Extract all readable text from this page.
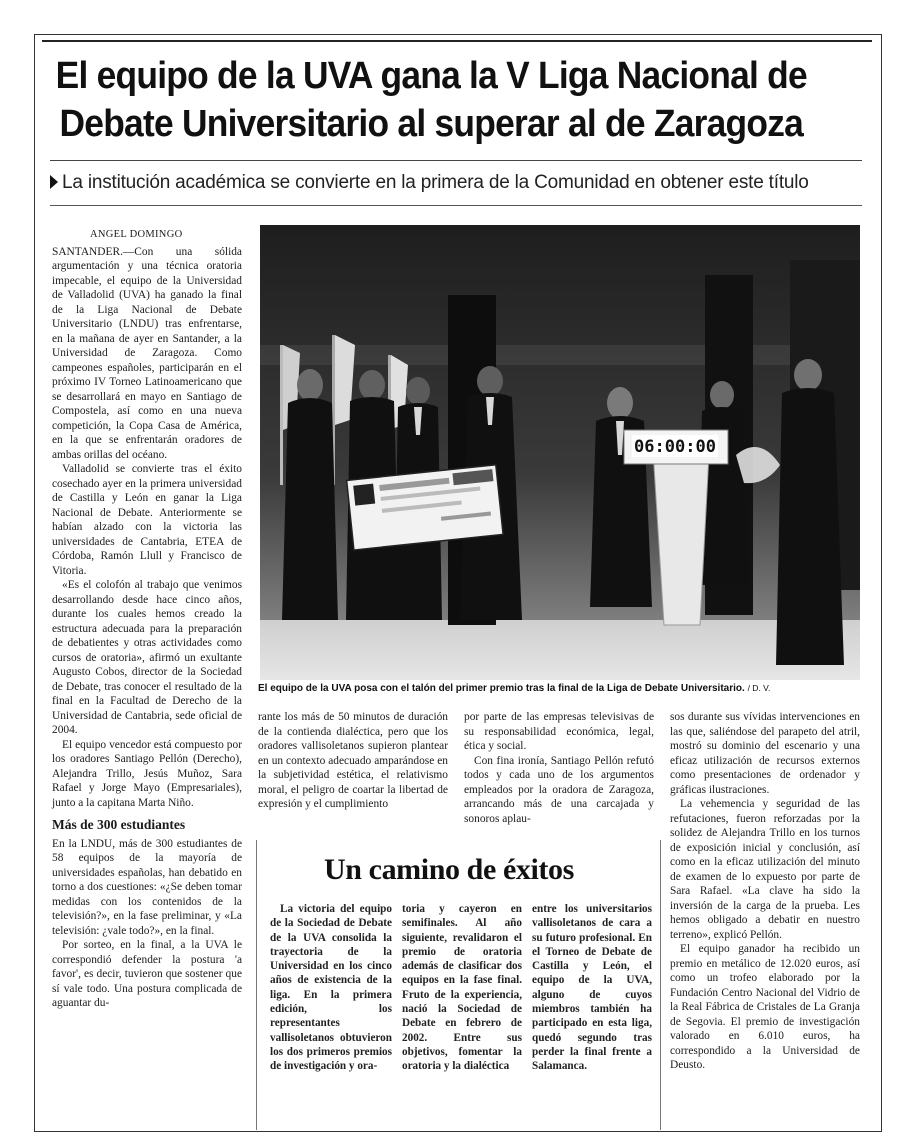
El equipo de la UVA gana la V Liga Nacional de
Debate Universitario al superar al de Zaragoza
La institución académica se convierte en la primera de la Comunidad en obtener este título

ANGEL DOMINGO

SANTANDER.—Con una sólida argumentación y una técnica oratoria impecable, el equipo de la Universidad de Valladolid (UVA) ha ganado la final de la Liga Nacional de Debate Universitario (LNDU) tras enfrentarse, en la mañana de ayer en Santander, a la Universidad de Zaragoza. Como campeones españoles, participarán en el próximo IV Torneo Latinoamericano que se desarrollará en mayo en Santiago de Compostela, así como en una nueva competición, la Copa Casa de América, en la que se enfrentarán oradores de ambas orillas del océano.

Valladolid se convierte tras el éxito cosechado ayer en la primera universidad de Castilla y León en ganar la Liga Nacional de Debate. Anteriormente se habían alzado con la victoria las universidades de Cantabria, ETEA de Córdoba, Ramón Llull y Francisco de Vitoria.

«Es el colofón al trabajo que venimos desarrollando desde hace cinco años, durante los cuales hemos creado la estructura adecuada para la preparación de debatientes y otras actividades como cursos de oratoria», afirmó un exultante Augusto Cobos, director de la Sociedad de Debate, tras conocer el resultado de la final en la Facultad de Derecho de la Universidad de Cantabria, sede oficial de 2004.

El equipo vencedor está compuesto por los oradores Santiago Pellón (Derecho), Alejandra Trillo, Jesús Muñoz, Sara Rafael y Jorge Mayo (Empresariales), junto a la capitana Marta Niño.

Más de 300 estudiantes

En la LNDU, más de 300 estudiantes de 58 equipos de la mayoría de universidades españolas, han debatido en torno a dos cuestiones: «¿Se deben tomar medidas con los contenidos de la televisión?», en la fase preliminar, y «La televisión: ¿vale todo?», en la final.

Por sorteo, en la final, a la UVA le correspondió defender la postura 'a favor', es decir, tuvieron que sostener que sí vale todo. Una postura complicada de aguantar du-

06:00:00
El equipo de la UVA posa con el talón del primer premio tras la final de la Liga de Debate Universitario. / D. V.

rante los más de 50 minutos de duración de la contienda dialéctica, pero que los oradores vallisoletanos supieron plantear en un contexto adecuado amparándose en la subjetividad estética, el relativismo moral, el peligro de coartar la libertad de expresión y el cumplimiento

por parte de las empresas televisivas de su responsabilidad económica, legal, ética y social.

Con fina ironía, Santiago Pellón refutó todos y cada uno de los argumentos empleados por la oradora de Zaragoza, arrancando más de una carcajada y sonoros aplau-

sos durante sus vívidas intervenciones en las que, saliéndose del parapeto del atril, mostró su dominio del escenario y una eficaz utilización de recursos externos como presentaciones de ordenador y gráficas ilustraciones.

La vehemencia y seguridad de las refutaciones, fueron reforzadas por la solidez de Alejandra Trillo en los turnos de exposición inicial y conclusión, así como en la eficaz utilización del minuto de examen de lo expuesto por parte de Sara Rafael. «La clave ha sido la inversión de la carga de la prueba. Les hemos obligado a debatir en nuestro terreno», explicó Pellón.

El equipo ganador ha recibido un premio en metálico de 12.020 euros, así como un trofeo elaborado por la Fundación Centro Nacional del Vidrio de la Real Fábrica de Cristales de La Granja de Segovia. El premio de investigación valorado en 6.010 euros, ha correspondido a la Universidad de Deusto.

Un camino de éxitos

La victoria del equipo de la Sociedad de Debate de la UVA consolida la trayectoria de la Universidad en los cinco años de existencia de la liga. En la primera edición, los representantes vallisoletanos obtuvieron los dos primeros premios de investigación y ora-

toria y cayeron en semifinales. Al año siguiente, revalidaron el premio de oratoria además de clasificar dos equipos en la fase final. Fruto de la experiencia, nació la Sociedad de Debate en febrero de 2002. Entre sus objetivos, fomentar la oratoria y la dialéctica

entre los universitarios vallisoletanos de cara a su futuro profesional. En el Torneo de Debate de Castilla y León, el equipo de la UVA, alguno de cuyos miembros también ha participado en esta liga, quedó segundo tras perder la final frente a Salamanca.
